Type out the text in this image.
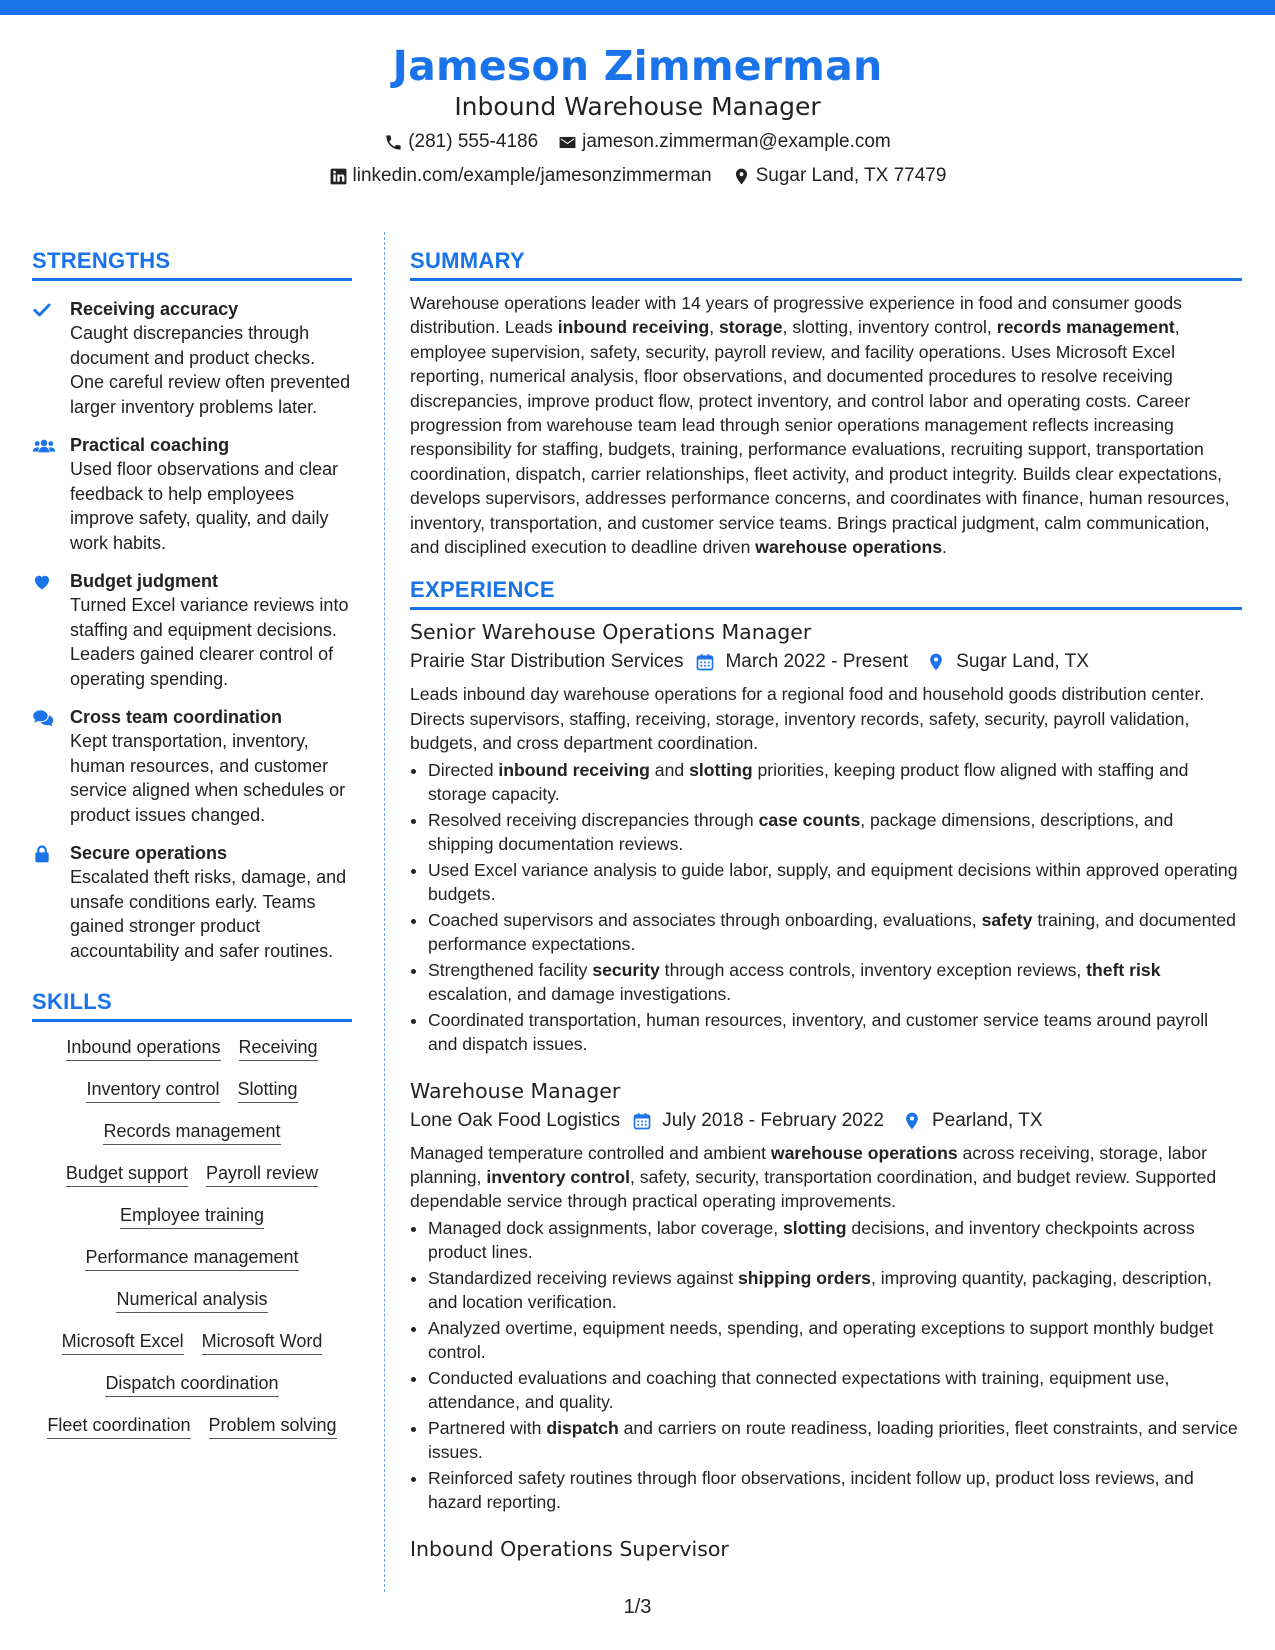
Jameson Zimmerman
Inbound Warehouse Manager
(281) 555-4186 jameson.zimmerman@example.com
linkedin.com/example/jamesonzimmerman Sugar Land, TX 77479
STRENGTHS
Receiving accuracy
Caught discrepancies through document and product checks. One careful review often prevented larger inventory problems later.
Practical coaching
Used floor observations and clear feedback to help employees improve safety, quality, and daily work habits.
Budget judgment
Turned Excel variance reviews into staffing and equipment decisions. Leaders gained clearer control of operating spending.
Cross team coordination
Kept transportation, inventory, human resources, and customer service aligned when schedules or product issues changed.
Secure operations
Escalated theft risks, damage, and unsafe conditions early. Teams gained stronger product accountability and safer routines.
SKILLS
Inbound operations Receiving
Inventory control Slotting
Records management
Budget support Payroll review
Employee training
Performance management
Numerical analysis
Microsoft Excel Microsoft Word
Dispatch coordination
Fleet coordination Problem solving
SUMMARY

Warehouse operations leader with 14 years of progressive experience in food and consumer goods distribution. Leads inbound receiving, storage, slotting, inventory control, records management, employee supervision, safety, security, payroll review, and facility operations. Uses Microsoft Excel reporting, numerical analysis, floor observations, and documented procedures to resolve receiving discrepancies, improve product flow, protect inventory, and control labor and operating costs. Career progression from warehouse team lead through senior operations management reflects increasing responsibility for staffing, budgets, training, performance evaluations, recruiting support, transportation coordination, dispatch, carrier relationships, fleet activity, and product integrity. Builds clear expectations, develops supervisors, addresses performance concerns, and coordinates with finance, human resources, inventory, transportation, and customer service teams. Brings practical judgment, calm communication, and disciplined execution to deadline driven warehouse operations.

EXPERIENCE
Senior Warehouse Operations Manager
Prairie Star Distribution Services March 2022 - Present	Sugar Land, TX

Leads inbound day warehouse operations for a regional food and household goods distribution center. Directs supervisors, staffing, receiving, storage, inventory records, safety, security, payroll validation, budgets, and cross department coordination.

• Directed inbound receiving and slotting priorities, keeping product flow aligned with staffing and storage capacity.
• Resolved receiving discrepancies through case counts, package dimensions, descriptions, and shipping documentation reviews.
• Used Excel variance analysis to guide labor, supply, and equipment decisions within approved operating budgets.
• Coached supervisors and associates through onboarding, evaluations, safety training, and documented performance expectations.
• Strengthened facility security through access controls, inventory exception reviews, theft risk escalation, and damage investigations.
• Coordinated transportation, human resources, inventory, and customer service teams around payroll and dispatch issues.
Warehouse Manager
Lone Oak Food Logistics July 2018 - February 2022	Pearland, TX

Managed temperature controlled and ambient warehouse operations across receiving, storage, labor planning, inventory control, safety, security, transportation coordination, and budget review. Supported dependable service through practical operating improvements.

• Managed dock assignments, labor coverage, slotting decisions, and inventory checkpoints across product lines.
• Standardized receiving reviews against shipping orders, improving quantity, packaging, description, and location verification.
• Analyzed overtime, equipment needs, spending, and operating exceptions to support monthly budget control.
• Conducted evaluations and coaching that connected expectations with training, equipment use, attendance, and quality.
• Partnered with dispatch and carriers on route readiness, loading priorities, fleet constraints, and service issues.
• Reinforced safety routines through floor observations, incident follow up, product loss reviews, and hazard reporting.
Inbound Operations Supervisor
1/3
